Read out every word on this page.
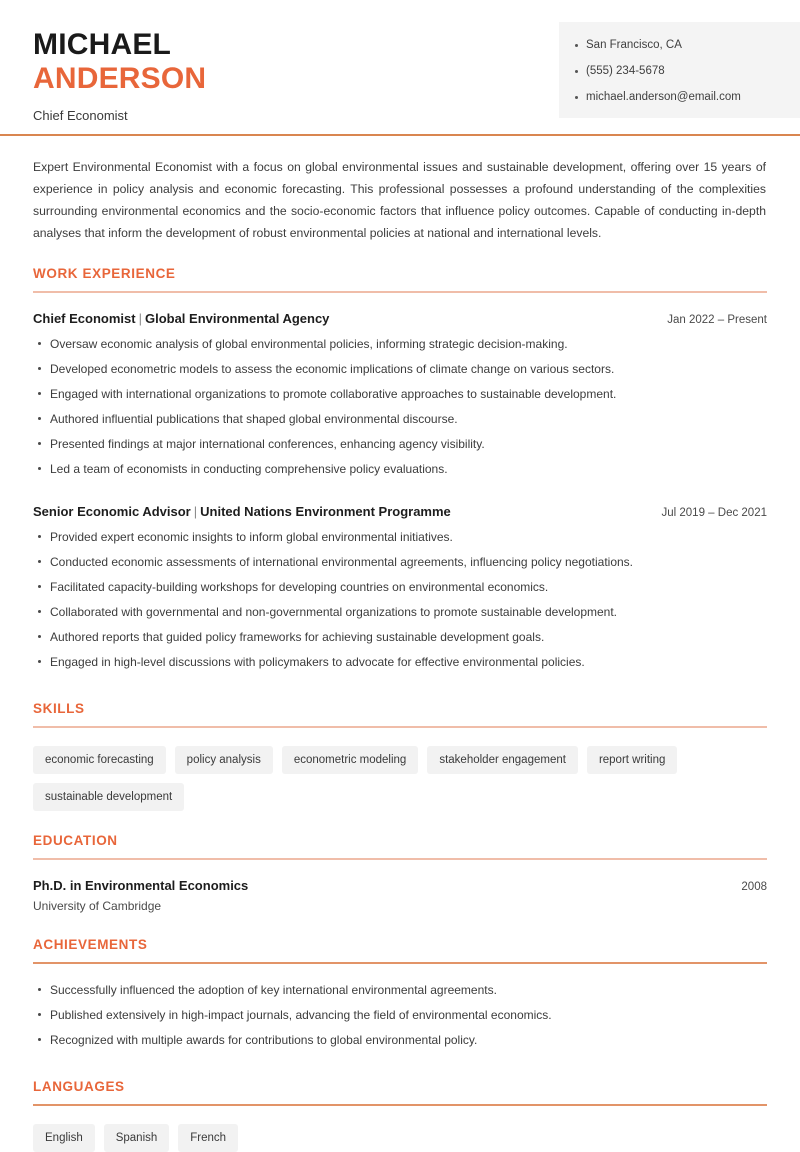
MICHAEL
ANDERSON
Chief Economist
San Francisco, CA
(555) 234-5678
michael.anderson@email.com
Expert Environmental Economist with a focus on global environmental issues and sustainable development, offering over 15 years of experience in policy analysis and economic forecasting. This professional possesses a profound understanding of the complexities surrounding environmental economics and the socio-economic factors that influence policy outcomes. Capable of conducting in-depth analyses that inform the development of robust environmental policies at national and international levels.
WORK EXPERIENCE
Chief Economist | Global Environmental Agency	Jan 2022 – Present
Oversaw economic analysis of global environmental policies, informing strategic decision-making.
Developed econometric models to assess the economic implications of climate change on various sectors.
Engaged with international organizations to promote collaborative approaches to sustainable development.
Authored influential publications that shaped global environmental discourse.
Presented findings at major international conferences, enhancing agency visibility.
Led a team of economists in conducting comprehensive policy evaluations.
Senior Economic Advisor | United Nations Environment Programme	Jul 2019 – Dec 2021
Provided expert economic insights to inform global environmental initiatives.
Conducted economic assessments of international environmental agreements, influencing policy negotiations.
Facilitated capacity-building workshops for developing countries on environmental economics.
Collaborated with governmental and non-governmental organizations to promote sustainable development.
Authored reports that guided policy frameworks for achieving sustainable development goals.
Engaged in high-level discussions with policymakers to advocate for effective environmental policies.
SKILLS
economic forecasting	policy analysis	econometric modeling	stakeholder engagement	report writing
sustainable development
EDUCATION
Ph.D. in Environmental Economics	2008
University of Cambridge
ACHIEVEMENTS
Successfully influenced the adoption of key international environmental agreements.
Published extensively in high-impact journals, advancing the field of environmental economics.
Recognized with multiple awards for contributions to global environmental policy.
LANGUAGES
English	Spanish	French
